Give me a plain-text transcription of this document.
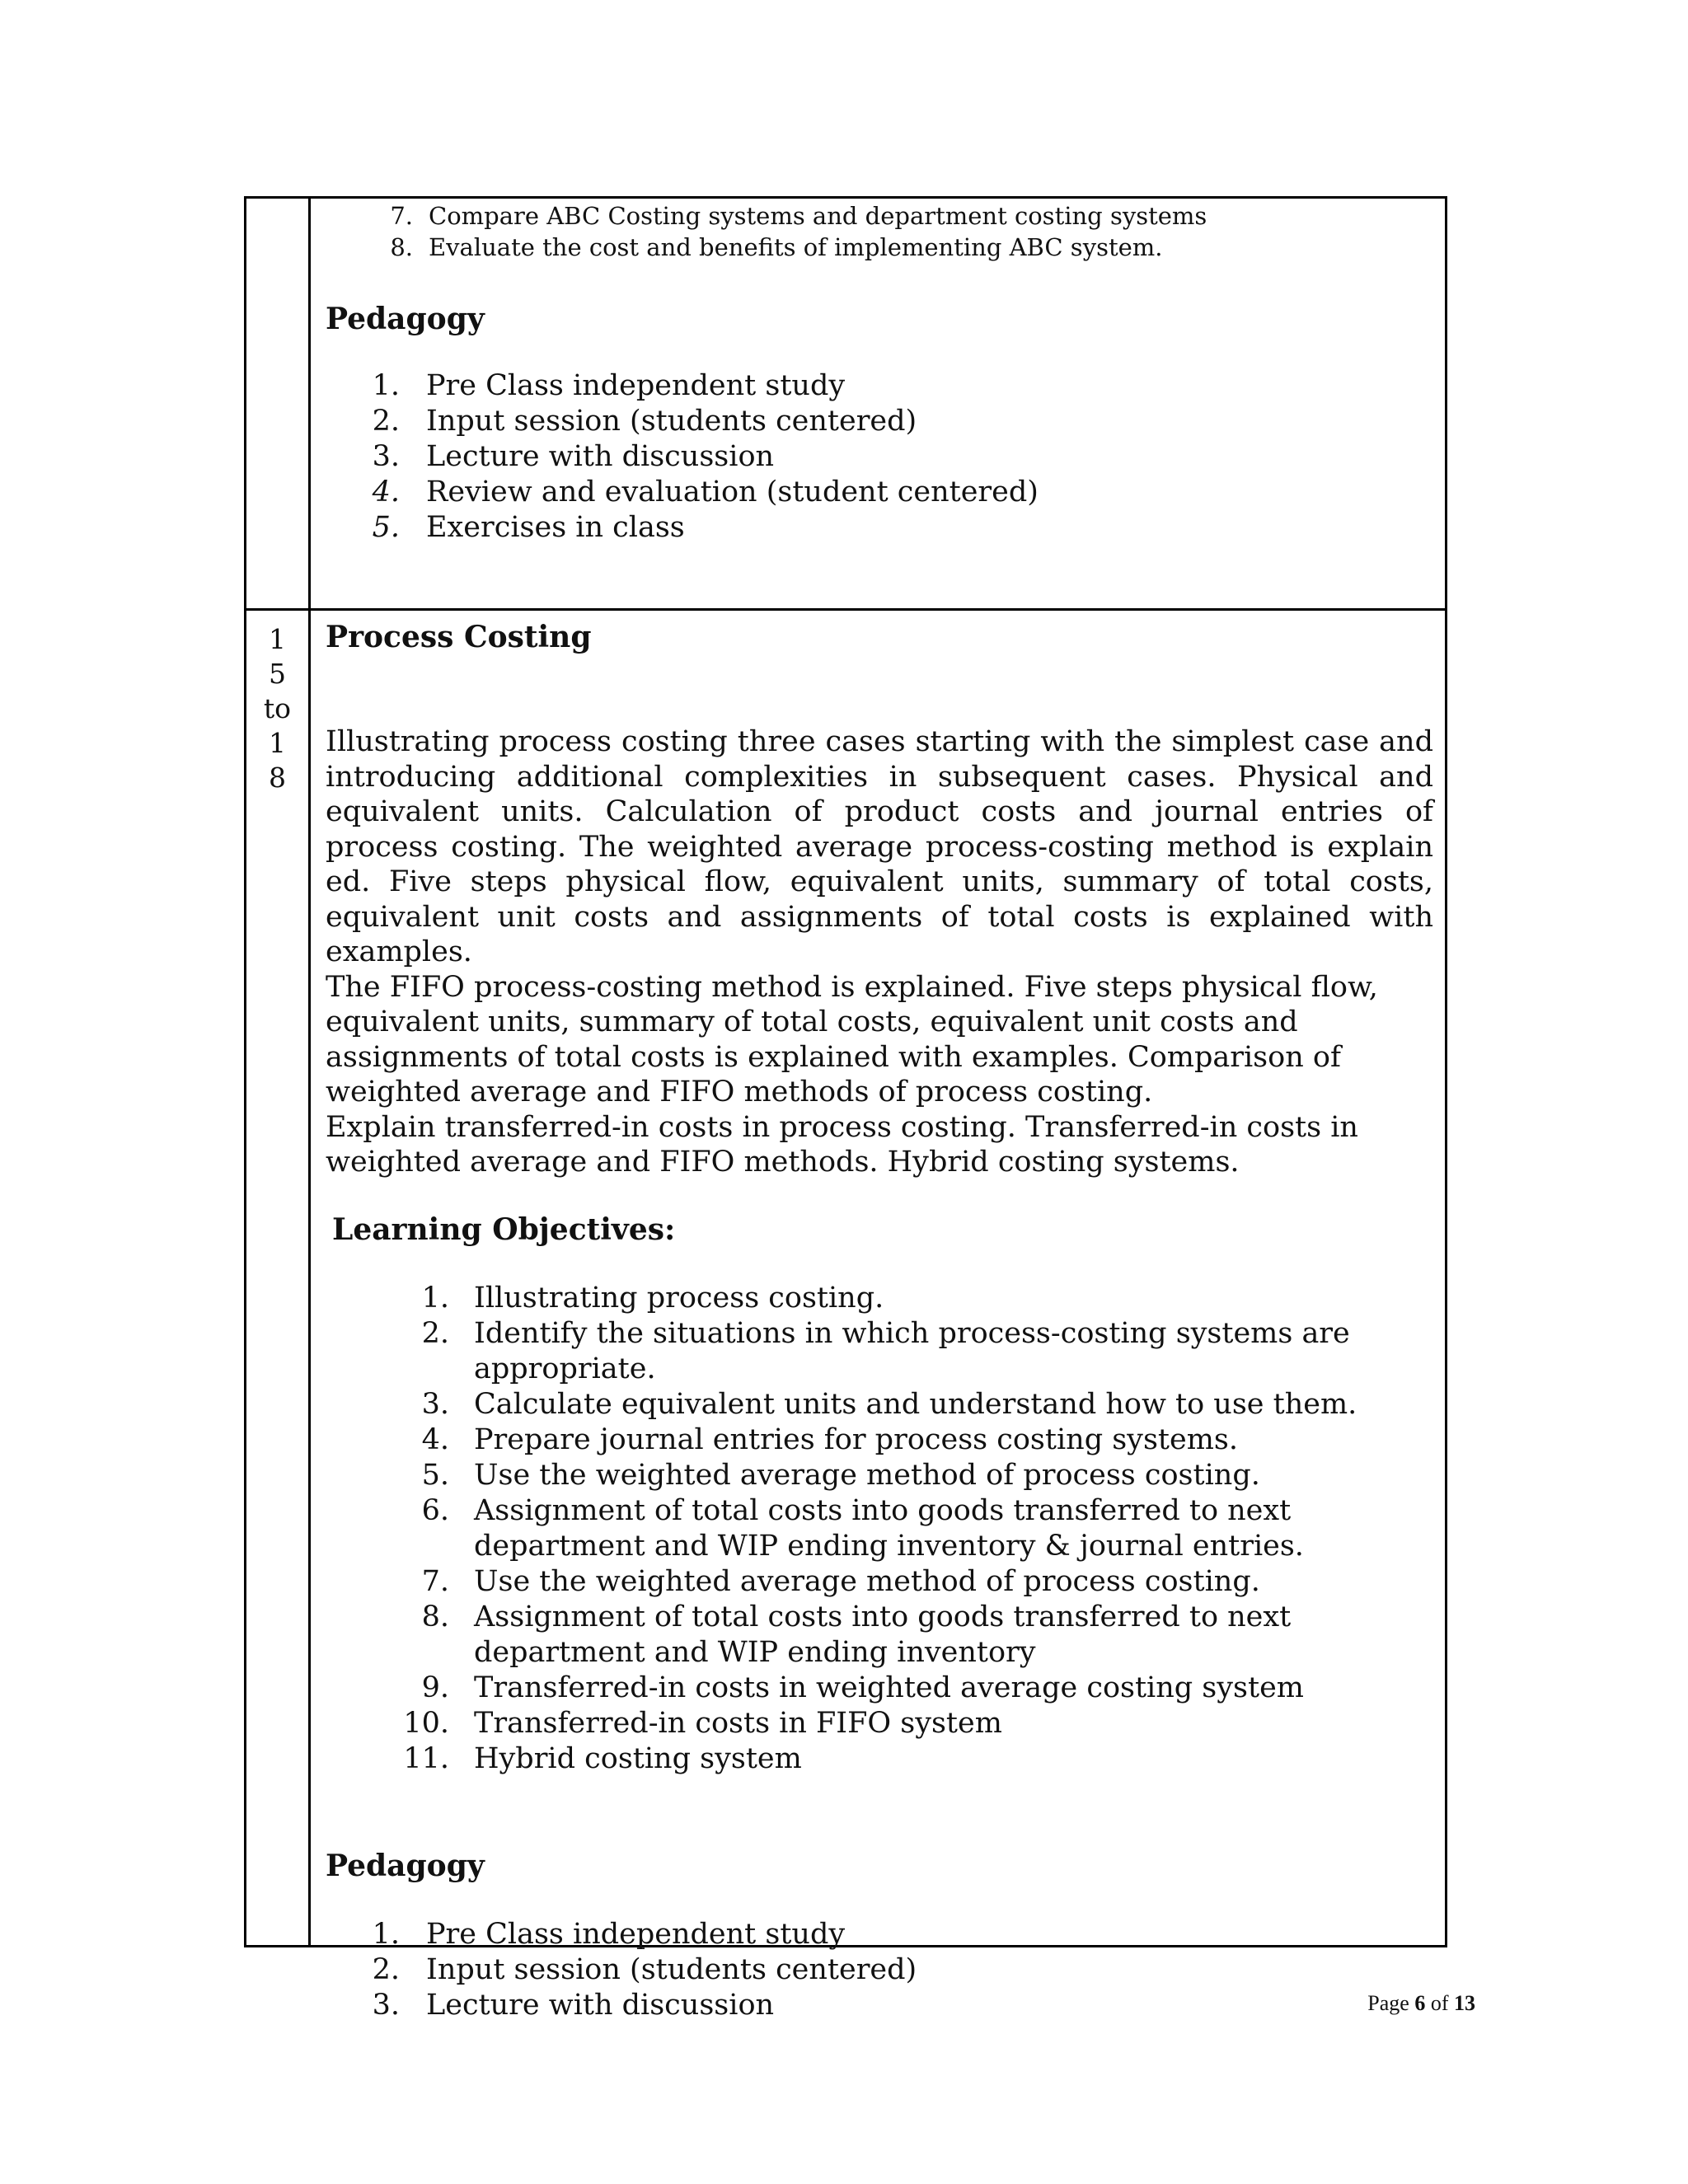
7. Compare ABC Costing systems and department costing systems
8. Evaluate the cost and benefits of implementing ABC system.
Pedagogy
1. Pre Class independent study
2. Input session (students centered)
3. Lecture with discussion
4. Review and evaluation (student centered)
5. Exercises in class
1
5
to
1
8
Process Costing

Illustrating process costing three cases starting with the simplest case and introducing additional complexities in subsequent cases. Physical and equivalent units. Calculation of product costs and journal entries of process costing. The weighted average process-costing method is explain ed. Five steps physical flow, equivalent units, summary of total costs, equivalent unit costs and assignments of total costs is explained with examples.

The FIFO process-costing method is explained. Five steps physical flow, equivalent units, summary of total costs, equivalent unit costs and assignments of total costs is explained with examples. Comparison of weighted average and FIFO methods of process costing.

Explain transferred-in costs in process costing. Transferred-in costs in weighted average and FIFO methods. Hybrid costing systems.

Learning Objectives:
1. Illustrating process costing.
2. Identify the situations in which process-costing systems are appropriate.
3. Calculate equivalent units and understand how to use them.
4. Prepare journal entries for process costing systems.
5. Use the weighted average method of process costing.
6. Assignment of total costs into goods transferred to next department and WIP ending inventory & journal entries.
7. Use the weighted average method of process costing.
8. Assignment of total costs into goods transferred to next department and WIP ending inventory
9. Transferred-in costs in weighted average costing system
10. Transferred-in costs in FIFO system
11. Hybrid costing system
Pedagogy
1. Pre Class independent study
2. Input session (students centered)
3. Lecture with discussion	Page 6 of 13
